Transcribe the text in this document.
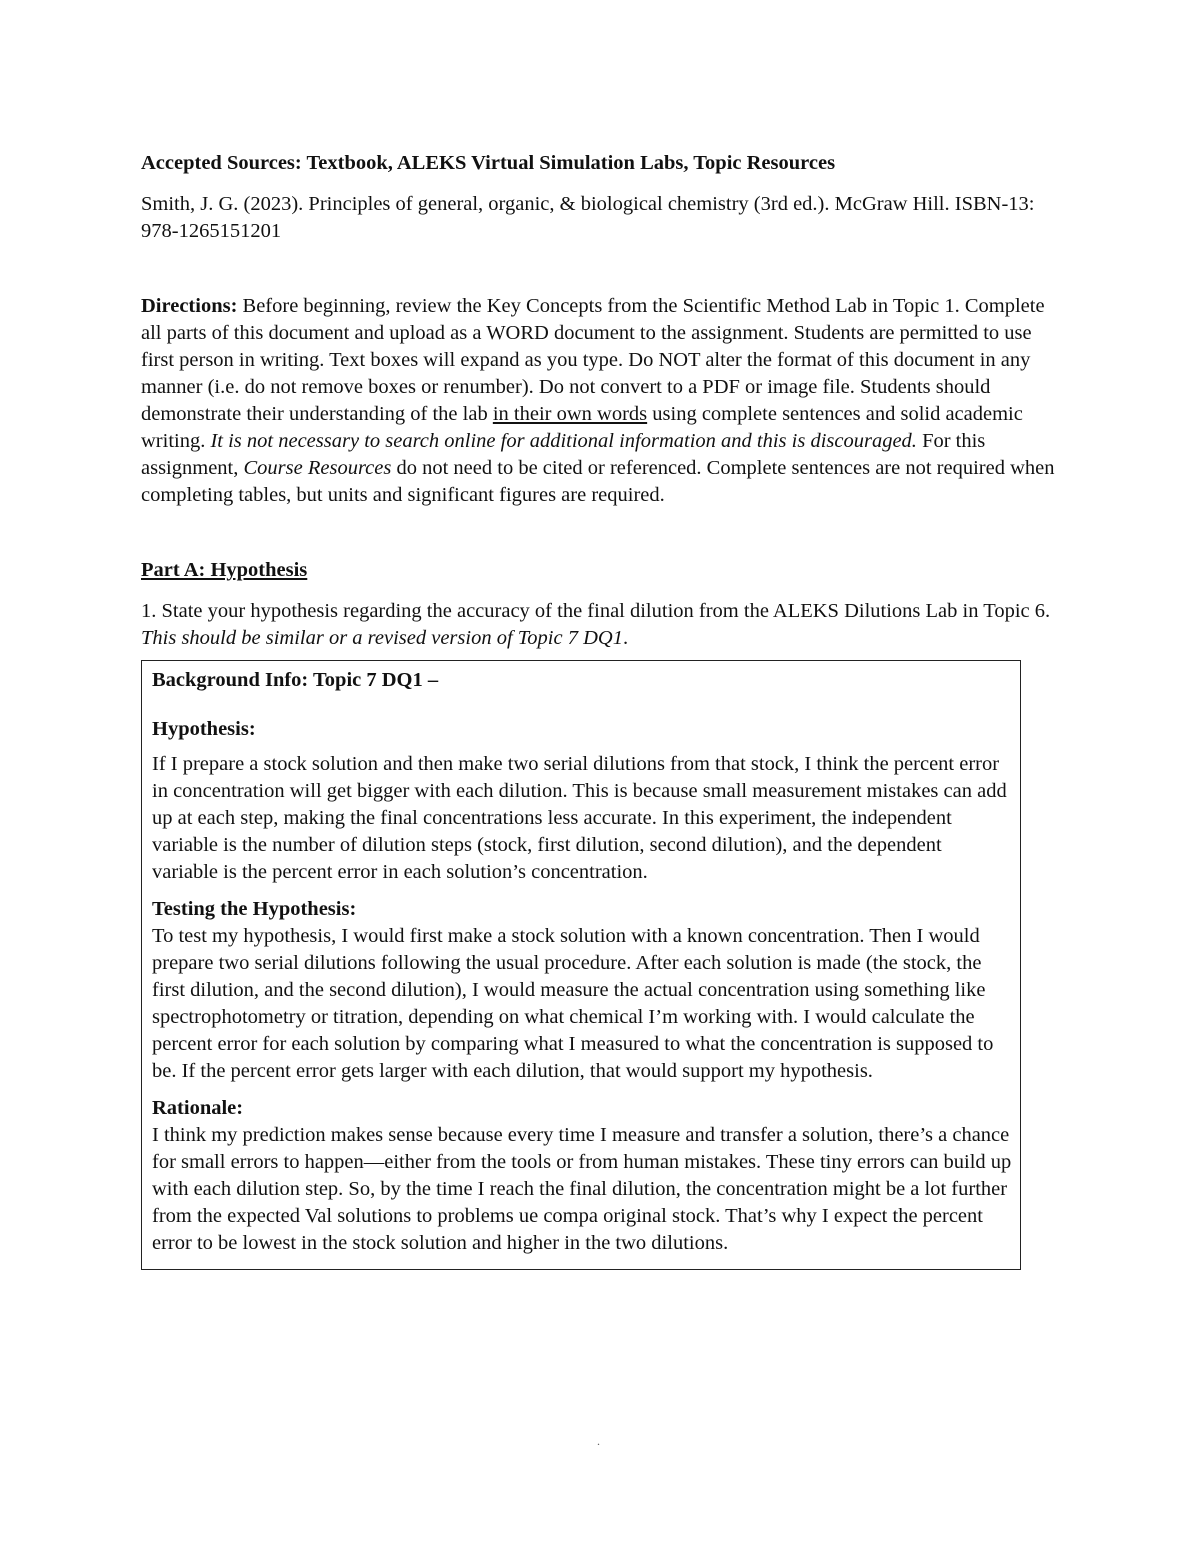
Accepted Sources: Textbook, ALEKS Virtual Simulation Labs, Topic Resources

Smith, J. G. (2023). Principles of general, organic, & biological chemistry (3rd ed.). McGraw Hill. ISBN-13: 978-1265151201

Directions: Before beginning, review the Key Concepts from the Scientific Method Lab in Topic 1. Complete all parts of this document and upload as a WORD document to the assignment. Students are permitted to use first person in writing. Text boxes will expand as you type. Do NOT alter the format of this document in any manner (i.e. do not remove boxes or renumber). Do not convert to a PDF or image file. Students should demonstrate their understanding of the lab in their own words using complete sentences and solid academic writing. It is not necessary to search online for additional information and this is discouraged. For this assignment, Course Resources do not need to be cited or referenced. Complete sentences are not required when completing tables, but units and significant figures are required.

Part A: Hypothesis

1. State your hypothesis regarding the accuracy of the final dilution from the ALEKS Dilutions Lab in Topic 6. This should be similar or a revised version of Topic 7 DQ1.

Background Info: Topic 7 DQ1 –

Hypothesis:

If I prepare a stock solution and then make two serial dilutions from that stock, I think the percent error in concentration will get bigger with each dilution. This is because small measurement mistakes can add up at each step, making the final concentrations less accurate. In this experiment, the independent variable is the number of dilution steps (stock, first dilution, second dilution), and the dependent variable is the percent error in each solution’s concentration.

Testing the Hypothesis:

To test my hypothesis, I would first make a stock solution with a known concentration. Then I would prepare two serial dilutions following the usual procedure. After each solution is made (the stock, the first dilution, and the second dilution), I would measure the actual concentration using something like spectrophotometry or titration, depending on what chemical I’m working with. I would calculate the percent error for each solution by comparing what I measured to what the concentration is supposed to be. If the percent error gets larger with each dilution, that would support my hypothesis.

Rationale:

I think my prediction makes sense because every time I measure and transfer a solution, there’s a chance for small errors to happen—either from the tools or from human mistakes. These tiny errors can build up with each dilution step. So, by the time I reach the final dilution, the concentration might be a lot further from the expected Val solutions to problems ue compa original stock. That’s why I expect the percent error to be lowest in the stock solution and higher in the two dilutions.

.
